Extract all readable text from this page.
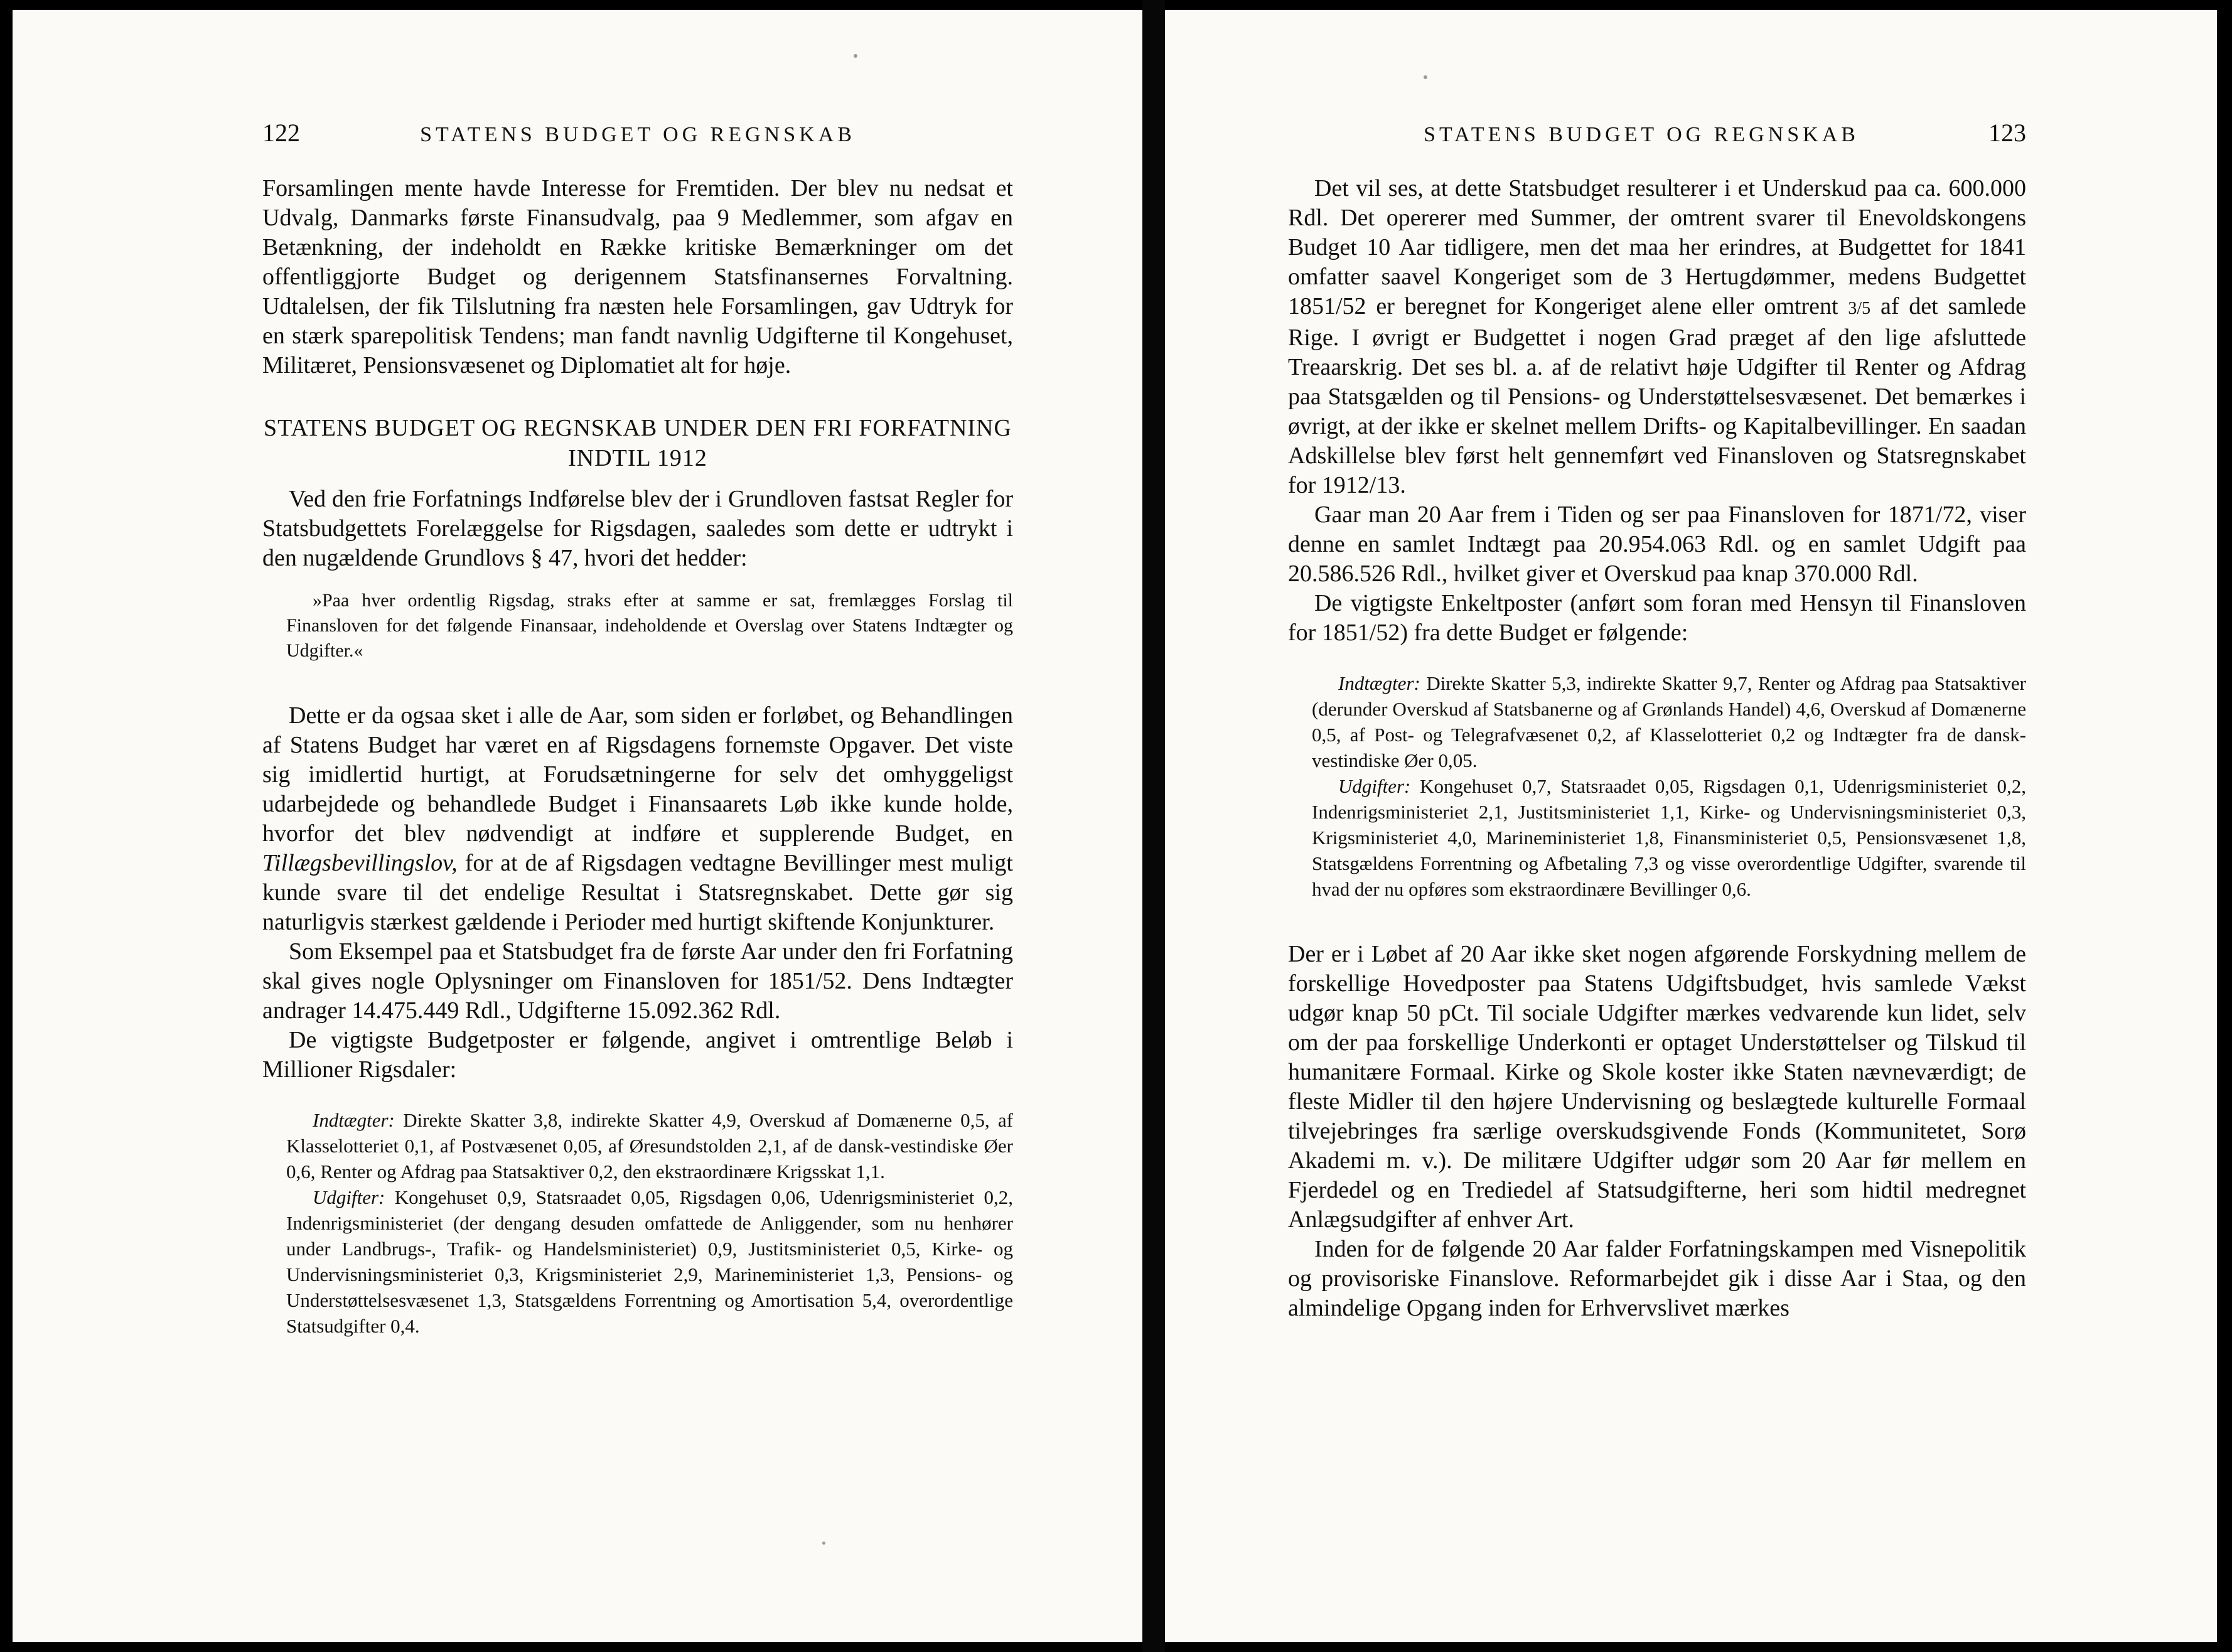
122	STATENS BUDGET OG REGNSKAB

Forsamlingen mente havde Interesse for Fremtiden. Der blev nu nedsat et Udvalg, Danmarks første Finansudvalg, paa 9 Medlemmer, som afgav en Betænkning, der indeholdt en Række kritiske Bemærkninger om det offentliggjorte Budget og derigennem Statsfinansernes Forvaltning. Udtalelsen, der fik Tilslutning fra næsten hele Forsamlingen, gav Udtryk for en stærk sparepolitisk Tendens; man fandt navnlig Udgifterne til Kongehuset, Militæret, Pensionsvæsenet og Diplomatiet alt for høje.

STATENS BUDGET OG REGNSKAB UNDER DEN FRI FORFATNING INDTIL 1912

Ved den frie Forfatnings Indførelse blev der i Grundloven fastsat Regler for Statsbudgettets Forelæggelse for Rigsdagen, saaledes som dette er udtrykt i den nugældende Grundlovs § 47, hvori det hedder:

»Paa hver ordentlig Rigsdag, straks efter at samme er sat, fremlægges Forslag til Finansloven for det følgende Finansaar, indeholdende et Overslag over Statens Indtægter og Udgifter.«

Dette er da ogsaa sket i alle de Aar, som siden er forløbet, og Behandlingen af Statens Budget har været en af Rigsdagens fornemste Opgaver. Det viste sig imidlertid hurtigt, at Forudsætningerne for selv det omhyggeligst udarbejdede og behandlede Budget i Finansaarets Løb ikke kunde holde, hvorfor det blev nødvendigt at indføre et supplerende Budget, en Tillægsbevillingslov, for at de af Rigsdagen vedtagne Bevillinger mest muligt kunde svare til det endelige Resultat i Statsregnskabet. Dette gør sig naturligvis stærkest gældende i Perioder med hurtigt skiftende Konjunkturer.

Som Eksempel paa et Statsbudget fra de første Aar under den fri Forfatning skal gives nogle Oplysninger om Finansloven for 1851/52. Dens Indtægter andrager 14.475.449 Rdl., Udgifterne 15.092.362 Rdl.

De vigtigste Budgetposter er følgende, angivet i omtrentlige Beløb i Millioner Rigsdaler:

Indtægter: Direkte Skatter 3,8, indirekte Skatter 4,9, Overskud af Domænerne 0,5, af Klasselotteriet 0,1, af Postvæsenet 0,05, af Øresundstolden 2,1, af de dansk-vestindiske Øer 0,6, Renter og Afdrag paa Statsaktiver 0,2, den ekstraordinære Krigsskat 1,1.

Udgifter: Kongehuset 0,9, Statsraadet 0,05, Rigsdagen 0,06, Udenrigsministeriet 0,2, Indenrigsministeriet (der dengang desuden omfattede de Anliggender, som nu henhører under Landbrugs-, Trafik- og Handelsministeriet) 0,9, Justitsministeriet 0,5, Kirke- og Undervisningsministeriet 0,3, Krigsministeriet 2,9, Marineministeriet 1,3, Pensions- og Understøttelsesvæsenet 1,3, Statsgældens Forrentning og Amortisation 5,4, overordentlige Statsudgifter 0,4.

STATENS BUDGET OG REGNSKAB	123

Det vil ses, at dette Statsbudget resulterer i et Underskud paa ca. 600.000 Rdl. Det opererer med Summer, der omtrent svarer til Enevoldskongens Budget 10 Aar tidligere, men det maa her erindres, at Budgettet for 1841 omfatter saavel Kongeriget som de 3 Hertugdømmer, medens Budgettet 1851/52 er beregnet for Kongeriget alene eller omtrent 3/5 af det samlede Rige. I øvrigt er Budgettet i nogen Grad præget af den lige afsluttede Treaarskrig. Det ses bl. a. af de relativt høje Udgifter til Renter og Afdrag paa Statsgælden og til Pensions- og Understøttelsesvæsenet. Det bemærkes i øvrigt, at der ikke er skelnet mellem Drifts- og Kapitalbevillinger. En saadan Adskillelse blev først helt gennemført ved Finansloven og Statsregnskabet for 1912/13.

Gaar man 20 Aar frem i Tiden og ser paa Finansloven for 1871/72, viser denne en samlet Indtægt paa 20.954.063 Rdl. og en samlet Udgift paa 20.586.526 Rdl., hvilket giver et Overskud paa knap 370.000 Rdl.

De vigtigste Enkeltposter (anført som foran med Hensyn til Finansloven for 1851/52) fra dette Budget er følgende:

Indtægter: Direkte Skatter 5,3, indirekte Skatter 9,7, Renter og Afdrag paa Statsaktiver (derunder Overskud af Statsbanerne og af Grønlands Handel) 4,6, Overskud af Domænerne 0,5, af Post- og Telegrafvæsenet 0,2, af Klasselotteriet 0,2 og Indtægter fra de dansk-vestindiske Øer 0,05.

Udgifter: Kongehuset 0,7, Statsraadet 0,05, Rigsdagen 0,1, Udenrigsministeriet 0,2, Indenrigsministeriet 2,1, Justitsministeriet 1,1, Kirke- og Undervisningsministeriet 0,3, Krigsministeriet 4,0, Marineministeriet 1,8, Finansministeriet 0,5, Pensionsvæsenet 1,8, Statsgældens Forrentning og Afbetaling 7,3 og visse overordentlige Udgifter, svarende til hvad der nu opføres som ekstraordinære Bevillinger 0,6.

Der er i Løbet af 20 Aar ikke sket nogen afgørende Forskydning mellem de forskellige Hovedposter paa Statens Udgiftsbudget, hvis samlede Vækst udgør knap 50 pCt. Til sociale Udgifter mærkes vedvarende kun lidet, selv om der paa forskellige Underkonti er optaget Understøttelser og Tilskud til humanitære Formaal. Kirke og Skole koster ikke Staten nævneværdigt; de fleste Midler til den højere Undervisning og beslægtede kulturelle Formaal tilvejebringes fra særlige overskudsgivende Fonds (Kommunitetet, Sorø Akademi m. v.). De militære Udgifter udgør som 20 Aar før mellem en Fjerdedel og en Trediedel af Statsudgifterne, heri som hidtil medregnet Anlægsudgifter af enhver Art.

Inden for de følgende 20 Aar falder Forfatningskampen med Visnepolitik og provisoriske Finanslove. Reformarbejdet gik i disse Aar i Staa, og den almindelige Opgang inden for Erhvervslivet mærkes
